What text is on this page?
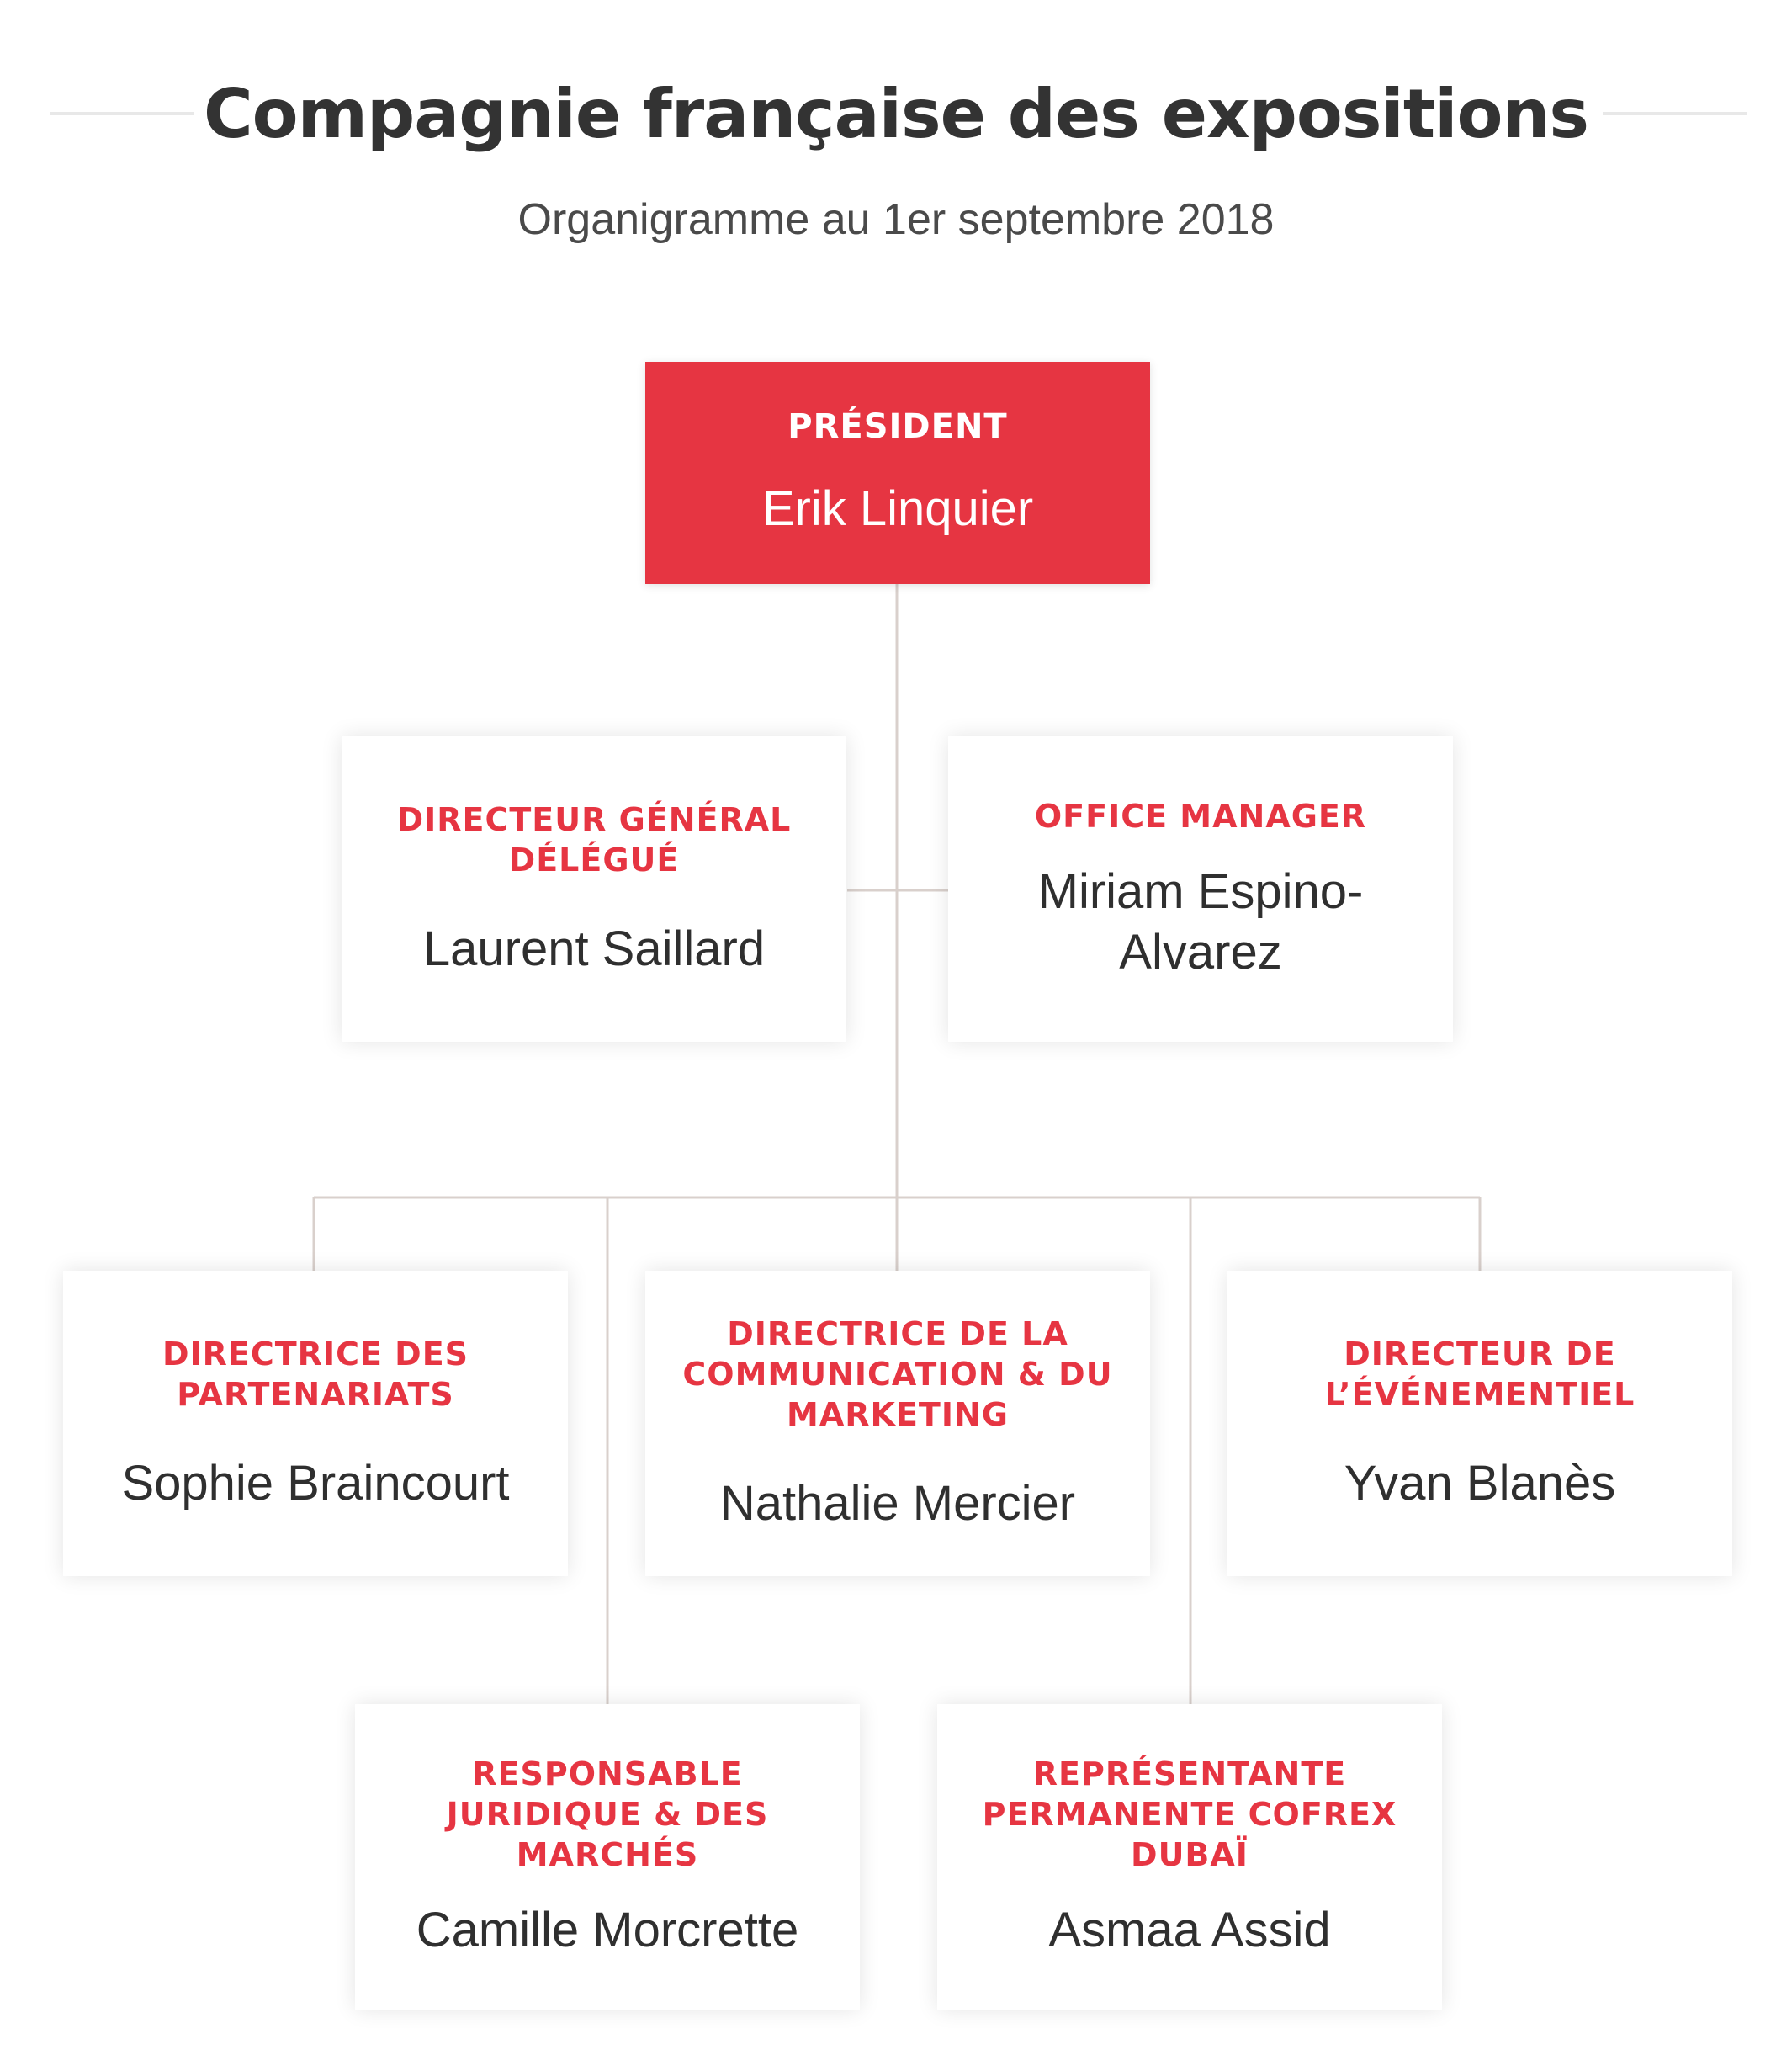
Compagnie française des expositions
Organigramme au 1er septembre 2018
PRÉSIDENT
Erik Linquier
DIRECTEUR GÉNÉRAL DÉLÉGUÉ
Laurent Saillard
OFFICE MANAGER
Miriam Espino-Alvarez
DIRECTRICE DES PARTENARIATS
Sophie Braincourt
DIRECTRICE DE LA COMMUNICATION & DU MARKETING
Nathalie Mercier
DIRECTEUR DE L’ÉVÉNEMENTIEL
Yvan Blanès
RESPONSABLE JURIDIQUE & DES MARCHÉS
Camille Morcrette
REPRÉSENTANTE PERMANENTE COFREX DUBAÏ
Asmaa Assid
